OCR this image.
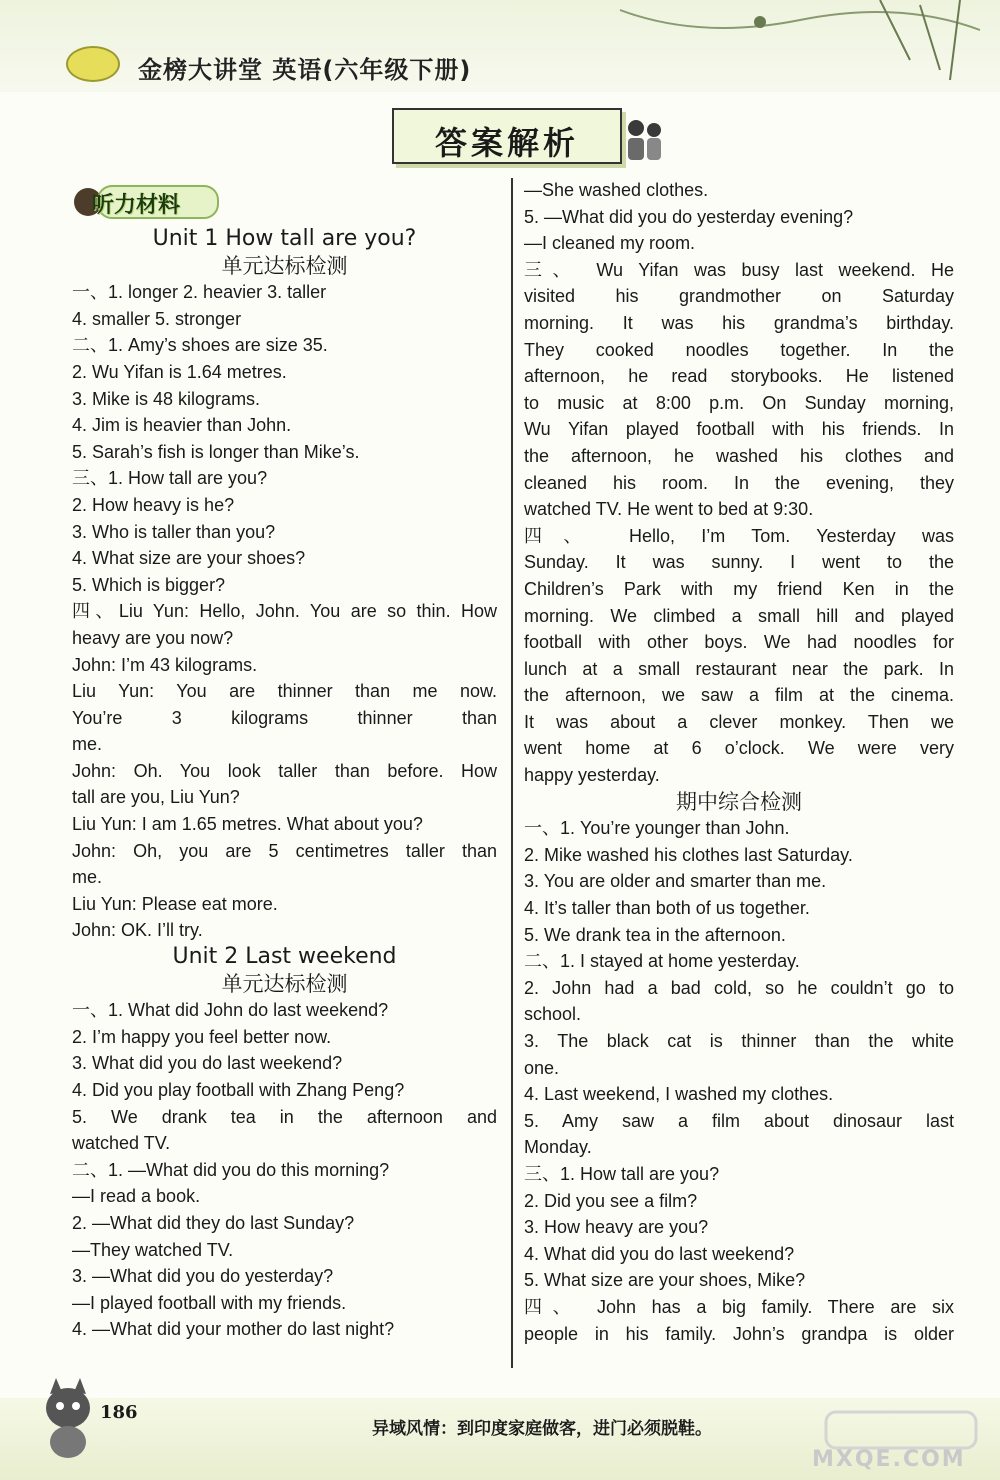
金榜大讲堂 英语(六年级下册)
答案解析
听力材料
Unit 1 How tall are you?
单元达标检测
一、1. longer 2. heavier 3. taller
4. smaller 5. stronger
二、1. Amy’s shoes are size 35.
2. Wu Yifan is 1.64 metres.
3. Mike is 48 kilograms.
4. Jim is heavier than John.
5. Sarah’s fish is longer than Mike’s.
三、1. How tall are you?
2. How heavy is he?
3. Who is taller than you?
4. What size are your shoes?
5. Which is bigger?
四、Liu Yun: Hello, John. You are so thin. How
heavy are you now?
John: I’m 43 kilograms.
Liu Yun: You are thinner than me now.
You’re 3 kilograms thinner than
me.
John: Oh. You look taller than before. How
tall are you, Liu Yun?
Liu Yun: I am 1.65 metres. What about you?
John: Oh, you are 5 centimetres taller than
me.
Liu Yun: Please eat more.
John: OK. I’ll try.
Unit 2 Last weekend
单元达标检测
一、1. What did John do last weekend?
2. I’m happy you feel better now.
3. What did you do last weekend?
4. Did you play football with Zhang Peng?
5. We drank tea in the afternoon and
watched TV.
二、1. —What did you do this morning?
—I read a book.
2. —What did they do last Sunday?
—They watched TV.
3. —What did you do yesterday?
—I played football with my friends.
4. —What did your mother do last night?
—She washed clothes.
5. —What did you do yesterday evening?
—I cleaned my room.
三、 Wu Yifan was busy last weekend. He
visited his grandmother on Saturday
morning. It was his grandma’s birthday.
They cooked noodles together. In the
afternoon, he read storybooks. He listened
to music at 8:00 p.m. On Sunday morning,
Wu Yifan played football with his friends. In
the afternoon, he washed his clothes and
cleaned his room. In the evening, they
watched TV. He went to bed at 9:30.
四、 Hello, I’m Tom. Yesterday was
Sunday. It was sunny. I went to the
Children’s Park with my friend Ken in the
morning. We climbed a small hill and played
football with other boys. We had noodles for
lunch at a small restaurant near the park. In
the afternoon, we saw a film at the cinema.
It was about a clever monkey. Then we
went home at 6 o’clock. We were very
happy yesterday.
期中综合检测
一、1. You’re younger than John.
2. Mike washed his clothes last Saturday.
3. You are older and smarter than me.
4. It’s taller than both of us together.
5. We drank tea in the afternoon.
二、1. I stayed at home yesterday.
2. John had a bad cold, so he couldn’t go to
school.
3. The black cat is thinner than the white
one.
4. Last weekend, I washed my clothes.
5. Amy saw a film about dinosaur last
Monday.
三、1. How tall are you?
2. Did you see a film?
3. How heavy are you?
4. What did you do last weekend?
5. What size are your shoes, Mike?
四、 John has a big family. There are six
people in his family. John’s grandpa is older
186
异域风情：到印度家庭做客，进门必须脱鞋。
MXQE.COM
